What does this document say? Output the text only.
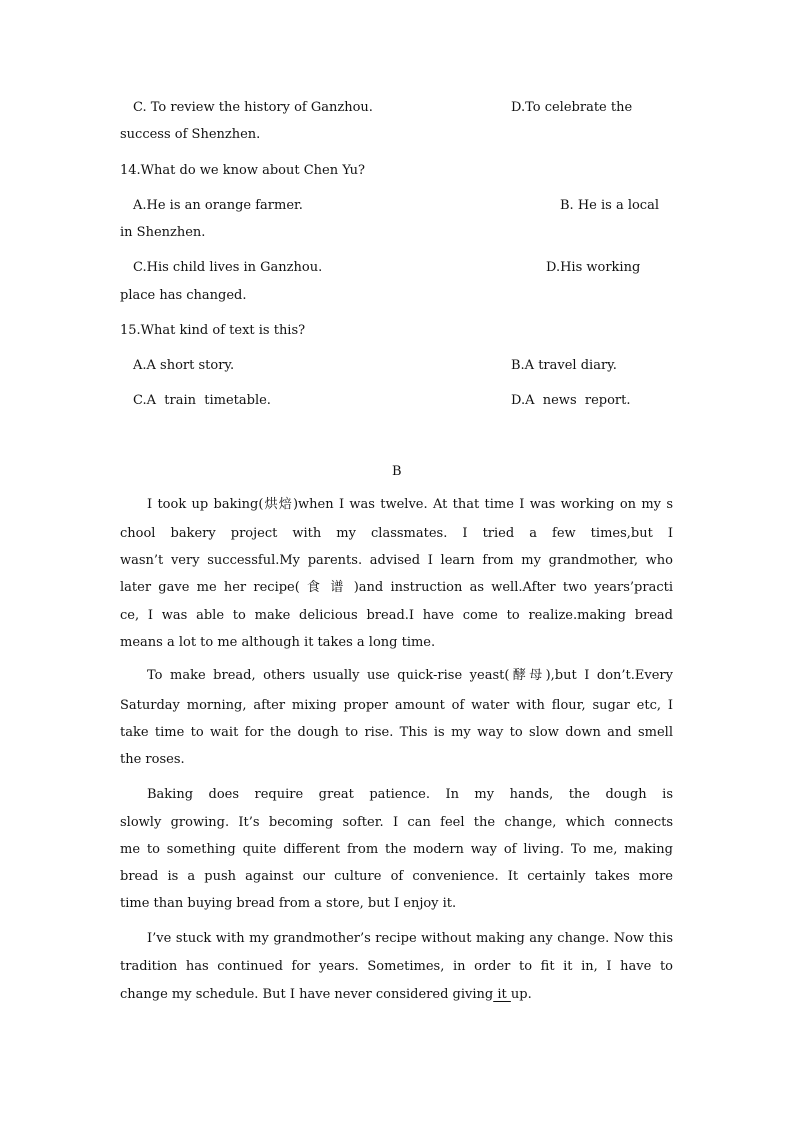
C. To review the history of Ganzhou.	D.To celebrate the
success of Shenzhen.
14.What do we know about Chen Yu?
A.He is an orange farmer.	B. He is a local
in Shenzhen.
C.His child lives in Ganzhou.	D.His working
place has changed.
15.What kind of text is this?
A.A short story.	B.A travel diary.
C.A  train  timetable.	D.A  news  report.
B
I took up baking(烘焙)when I was twelve. At that time I was working on my s
chool bakery project with my classmates. I tried a few times,but I
wasn’t very successful.My parents. advised I learn from my grandmother, who
later gave me her recipe( 食 谱 )and instruction as well.After two years’practi
ce, I was able to make delicious bread.I have come to realize.making bread
means a lot to me although it takes a long time.
To make bread, others usually use quick-rise yeast(酵母),but I don’t.Every
Saturday morning, after mixing proper amount of water with flour, sugar etc, I
take time to wait for the dough to rise. This is my way to slow down and smell
the roses.
Baking does require great patience. In my hands, the dough is
slowly growing. It’s becoming softer. I can feel the change, which connects
me to something quite different from the modern way of living. To me, making
bread is a push against our culture of convenience. It certainly takes more
time than buying bread from a store, but I enjoy it.
I’ve stuck with my grandmother’s recipe without making any change. Now this
tradition has continued for years. Sometimes, in order to fit it in, I have to
change my schedule. But I have never considered giving it up.
